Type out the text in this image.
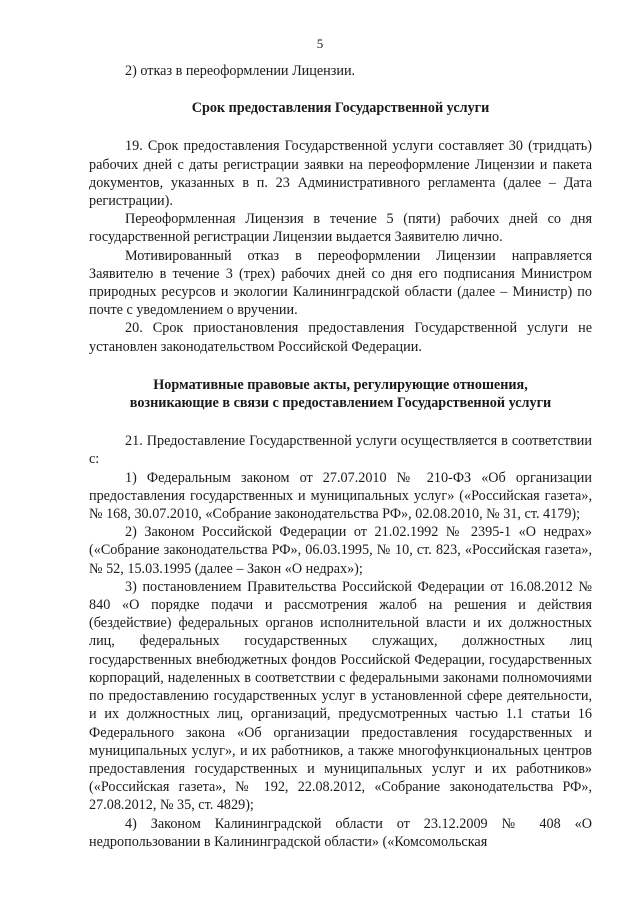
5

2) отказ в переоформлении Лицензии.

Срок предоставления Государственной услуги

19. Срок предоставления Государственной услуги составляет 30 (тридцать) рабочих дней с даты регистрации заявки на переоформление Лицензии и пакета документов, указанных в п. 23 Административного регламента (далее – Дата регистрации).

Переоформленная Лицензия в течение 5 (пяти) рабочих дней со дня государственной регистрации Лицензии выдается Заявителю лично.

Мотивированный отказ в переоформлении Лицензии направляется Заявителю в течение 3 (трех) рабочих дней со дня его подписания Министром природных ресурсов и экологии Калининградской области (далее – Министр) по почте с уведомлением о вручении.

20. Срок приостановления предоставления Государственной услуги не установлен законодательством Российской Федерации.

Нормативные правовые акты, регулирующие отношения,
возникающие в связи с предоставлением Государственной услуги

21. Предоставление Государственной услуги осуществляется в соответствии с:

1) Федеральным законом от 27.07.2010 № 210-ФЗ «Об организации предоставления государственных и муниципальных услуг» («Российская газета», № 168, 30.07.2010, «Собрание законодательства РФ», 02.08.2010, № 31, ст. 4179);

2) Законом Российской Федерации от 21.02.1992 № 2395-1 «О недрах» («Собрание законодательства РФ», 06.03.1995, № 10, ст. 823, «Российская газета», № 52, 15.03.1995 (далее – Закон «О недрах»);

3) постановлением Правительства Российской Федерации от 16.08.2012 № 840 «О порядке подачи и рассмотрения жалоб на решения и действия (бездействие) федеральных органов исполнительной власти и их должностных лиц, федеральных государственных служащих, должностных лиц государственных внебюджетных фондов Российской Федерации, государственных корпораций, наделенных в соответствии с федеральными законами полномочиями по предоставлению государственных услуг в установленной сфере деятельности, и их должностных лиц, организаций, предусмотренных частью 1.1 статьи 16 Федерального закона «Об организации предоставления государственных и муниципальных услуг», и их работников, а также многофункциональных центров предоставления государственных и муниципальных услуг и их работников» («Российская газета», № 192, 22.08.2012, «Собрание законодательства РФ», 27.08.2012, № 35, ст. 4829);

4) Законом Калининградской области от 23.12.2009 № 408 «О недропользовании в Калининградской области» («Комсомольская
